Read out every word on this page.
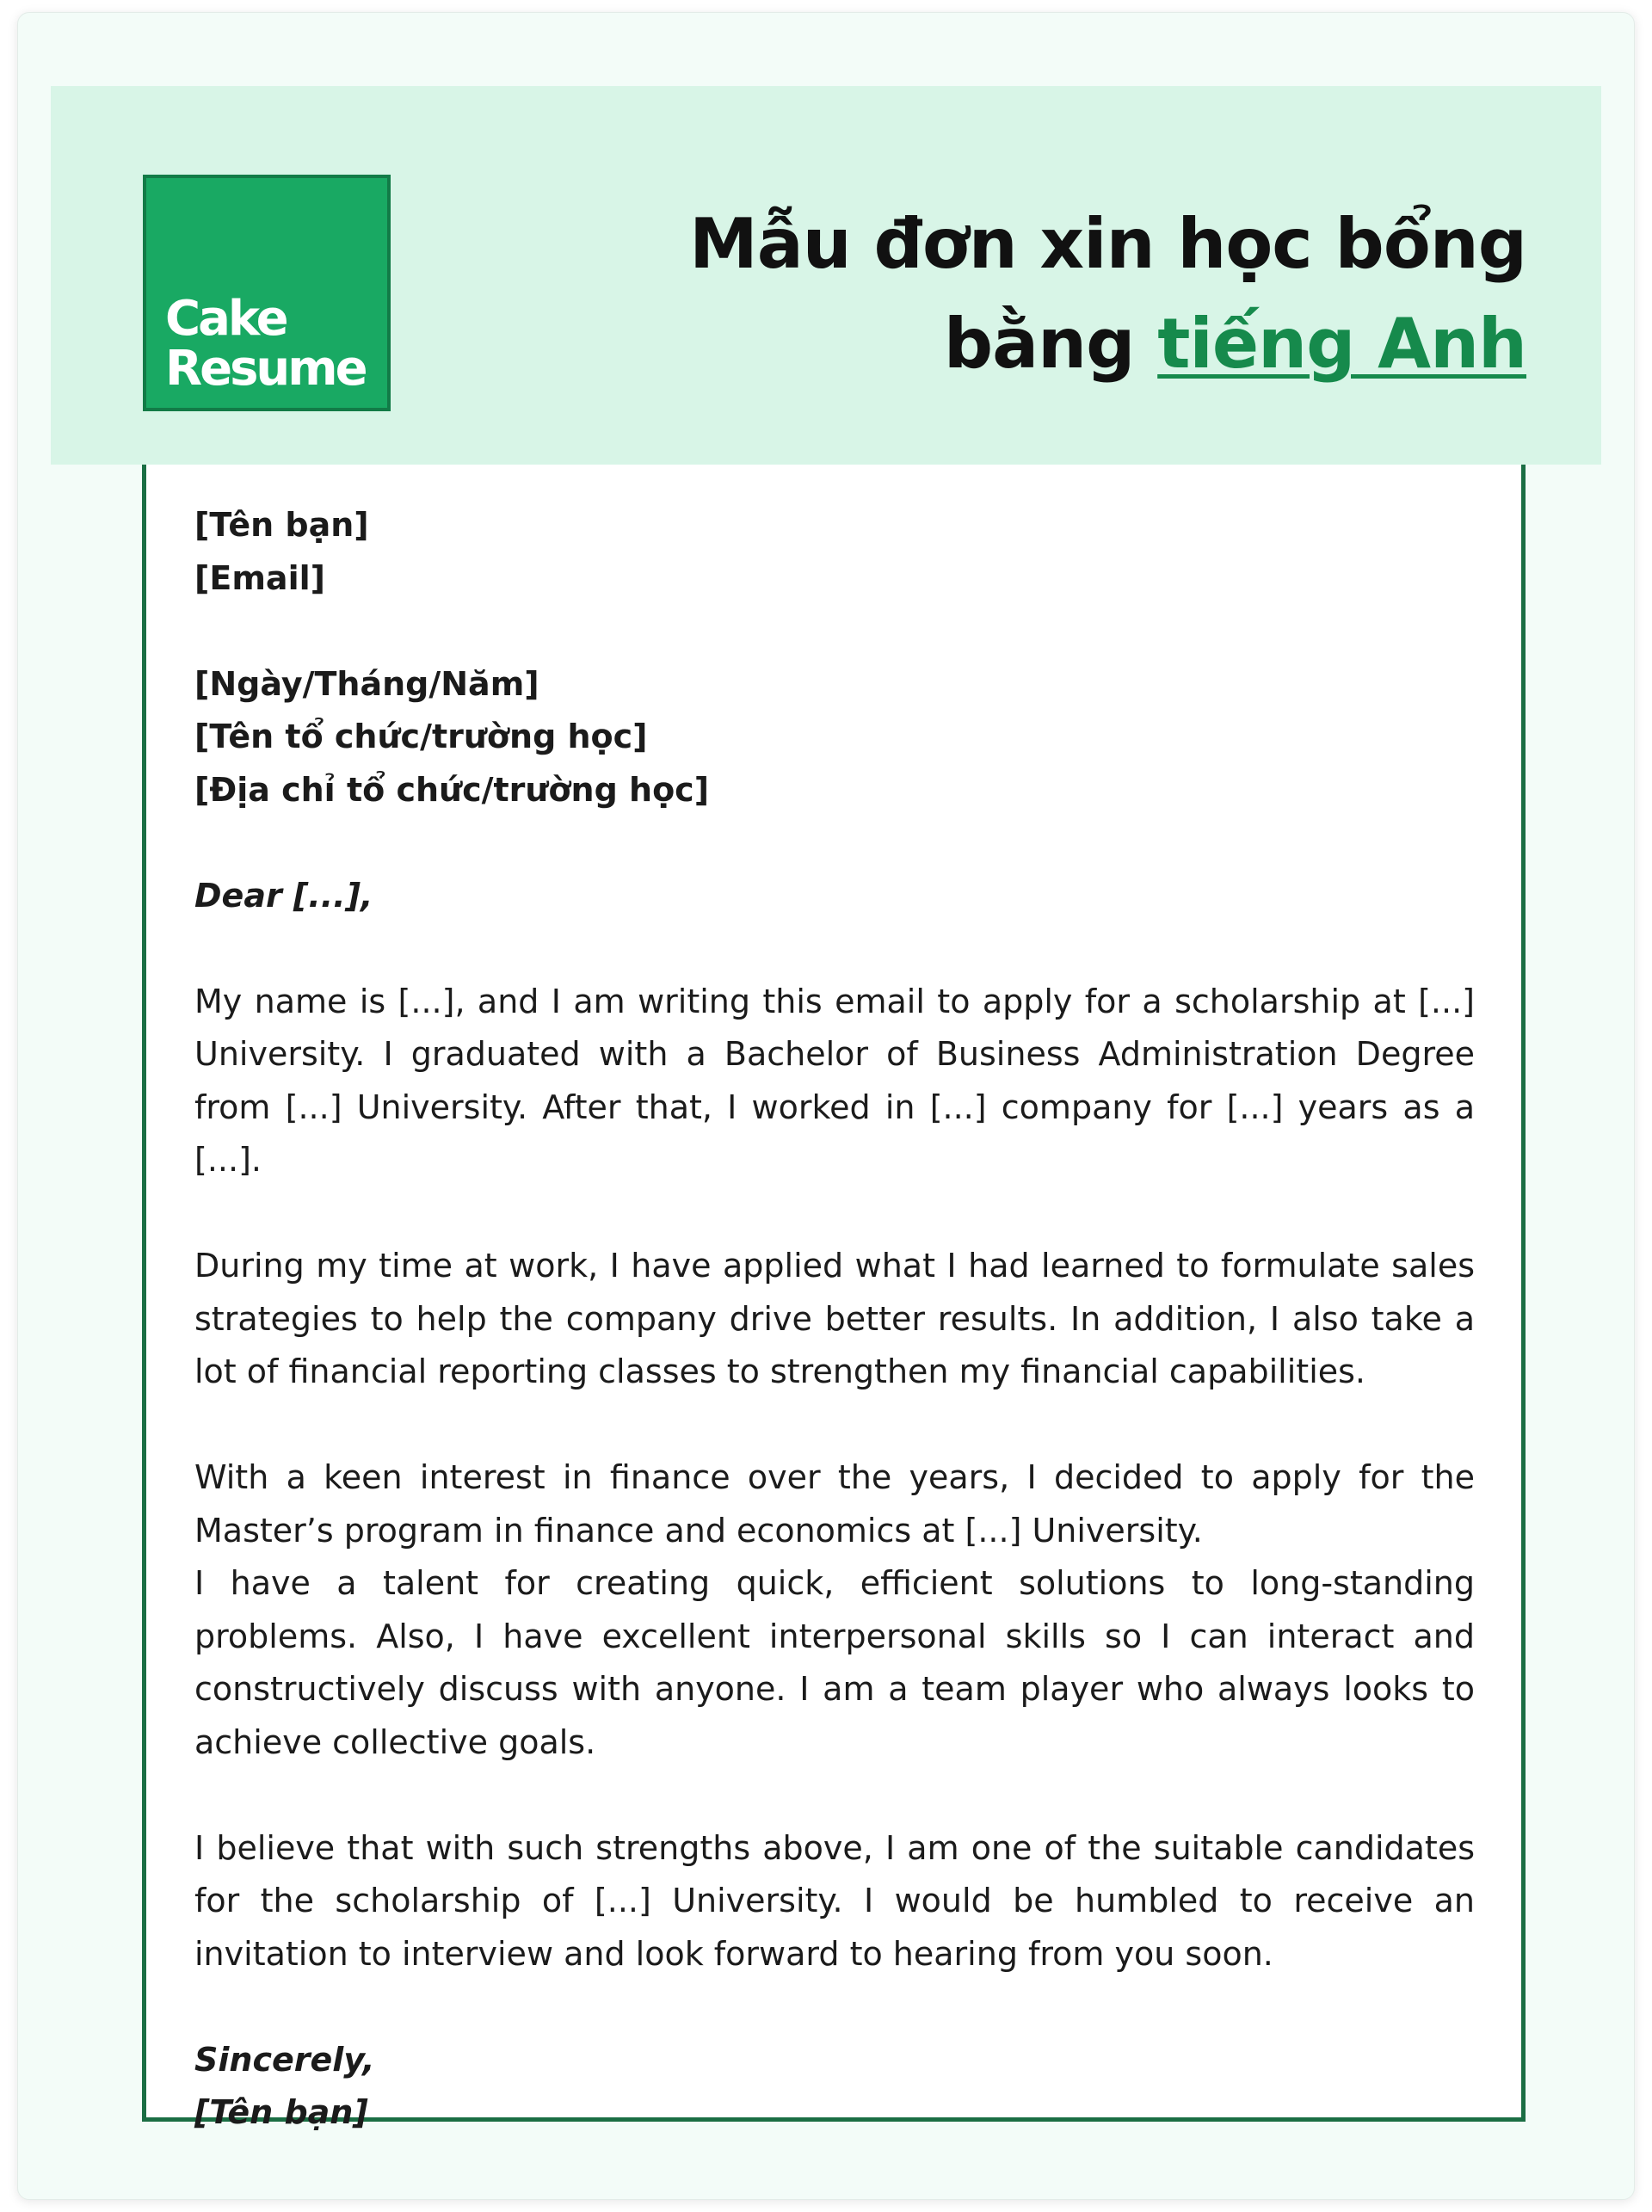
Cake
Resume
Mẫu đơn xin học bổng
bằng tiếng Anh

[Tên bạn]

[Email]

[Ngày/Tháng/Năm]

[Tên tổ chức/trường học]

[Địa chỉ tổ chức/trường học]

Dear [...],

My name is [...], and I am writing this email to apply for a scholarship at [...] University. I graduated with a Bachelor of Business Administration Degree from [...] University. After that, I worked in [...] company for [...] years as a [...].

During my time at work, I have applied what I had learned to formulate sales strategies to help the company drive better results. In addition, I also take a lot of financial reporting classes to strengthen my financial capabilities.

With a keen interest in finance over the years, I decided to apply for the Master’s program in finance and economics at [...] University.

I have a talent for creating quick, efficient solutions to long-standing problems. Also, I have excellent interpersonal skills so I can interact and constructively discuss with anyone. I am a team player who always looks to achieve collective goals.

I believe that with such strengths above, I am one of the suitable candidates for the scholarship of [...] University. I would be humbled to receive an invitation to interview and look forward to hearing from you soon.

Sincerely,

[Tên bạn]
